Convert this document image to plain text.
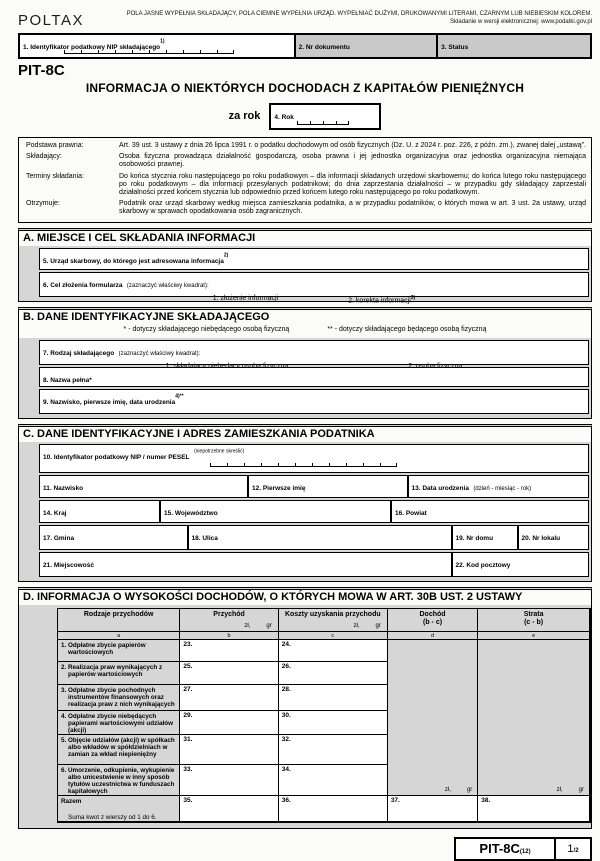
POLTAX	POLA JASNE WYPEŁNIA SKŁADAJĄCY, POLA CIEMNE WYPEŁNIA URZĄD. WYPEŁNIAĆ DUŻYMI, DRUKOWANYMI LITERAMI, CZARNYM LUB NIEBIESKIM KOLOREM.
Składanie w wersji elektronicznej: www.podatki.gov.pl
1. Identyfikator podatkowy NIP składającego$^{1)}$
2. Nr dokumentu	3. Status
PIT-8C
INFORMACJA O NIEKTÓRYCH DOCHODACH Z KAPITAŁÓW PIENIĘŻNYCH
za rok	4. Rok
Podstawa prawna:	Art. 39 ust. 3 ustawy z dnia 26 lipca 1991 r. o podatku dochodowym od osób fizycznych (Dz. U. z 2024 r. poz. 226, z późn. zm.), zwanej dalej „ustawą”.
Składający:	Osoba fizyczna prowadząca działalność gospodarczą, osoba prawna i jej jednostka organizacyjna oraz jednostka organizacyjna niemająca osobowości prawnej.
Terminy składania:	Do końca stycznia roku następującego po roku podatkowym – dla informacji składanych urzędowi skarbowemu; do końca lutego roku następującego po roku podatkowym – dla informacji przesyłanych podatnikowi; do dnia zaprzestania działalności – w przypadku gdy składający zaprzestali działalności przed końcem stycznia lub odpowiednio przed końcem lutego roku następującego po roku podatkowym.
Otrzymuje:	Podatnik oraz urząd skarbowy według miejsca zamieszkania podatnika, a w przypadku podatników, o których mowa w art. 3 ust. 2a ustawy, urząd skarbowy w sprawach opodatkowania osób zagranicznych.
A. MIEJSCE I CEL SKŁADANIA INFORMACJI
5. Urząd skarbowy, do którego jest adresowana informacja$^{2)}$
6. Cel złożenia formularza (zaznaczyć właściwy kwadrat):
1. złożenie informacji	2. korekta informacji$^{3)}$
B. DANE IDENTYFIKACYJNE SKŁADAJĄCEGO
* - dotyczy składającego niebędącego osobą fizyczną	** - dotyczy składającego będącego osobą fizyczną
7. Rodzaj składającego (zaznaczyć właściwy kwadrat):
8. Nazwa pełna*
9. Nazwisko, pierwsze imię, data urodzenia$^{4)**}$
C. DANE IDENTYFIKACYJNE I ADRES ZAMIESZKANIA PODATNIKA
10. Identyfikator podatkowy NIP / numer PESEL $^{(niepotrzebne skreślić)}$
11. Nazwisko	12. Pierwsze imię	13. Data urodzenia (dzień - miesiąc - rok)
14. Kraj	15. Województwo	16. Powiat
17. Gmina	18. Ulica	19. Nr domu	20. Nr lokalu
21. Miejscowość	22. Kod pocztowy
D. INFORMACJA O WYSOKOŚCI DOCHODÓW, O KTÓRYCH MOWA W ART. 30B UST. 2 USTAWY
Rodzaje przychodów	Przychód
zł,	gr
Koszty uzyskania przychodu
zł,	gr
Dochód
(b - c)
Strata
(c - b)
a	b	c	d	e
zł,	gr	zł,	gr
1. Odpłatne zbycie papierów wartościowych
23.	24.
2. Realizacja praw wynikających z papierów wartościowych
25.	26.
3. Odpłatne zbycie pochodnych instrumentów finansowych oraz realizacja praw z nich wynikających
27.	28.
4. Odpłatne zbycie niebędących papierami wartościowymi udziałów (akcji)
29.	30.
5. Objęcie udziałów (akcji) w spółkach albo wkładów w spółdzielniach w zamian za wkład niepieniężny
31.	32.
6. Umorzenie, odkupienie, wykupienie albo unicestwienie w inny sposób tytułów uczestnictwa w funduszach kapitałowych
33.	34.
Razem
Suma kwot z wierszy od 1 do 6.
35.	36.	37.	38.
PIT-8C(12)	1/2
